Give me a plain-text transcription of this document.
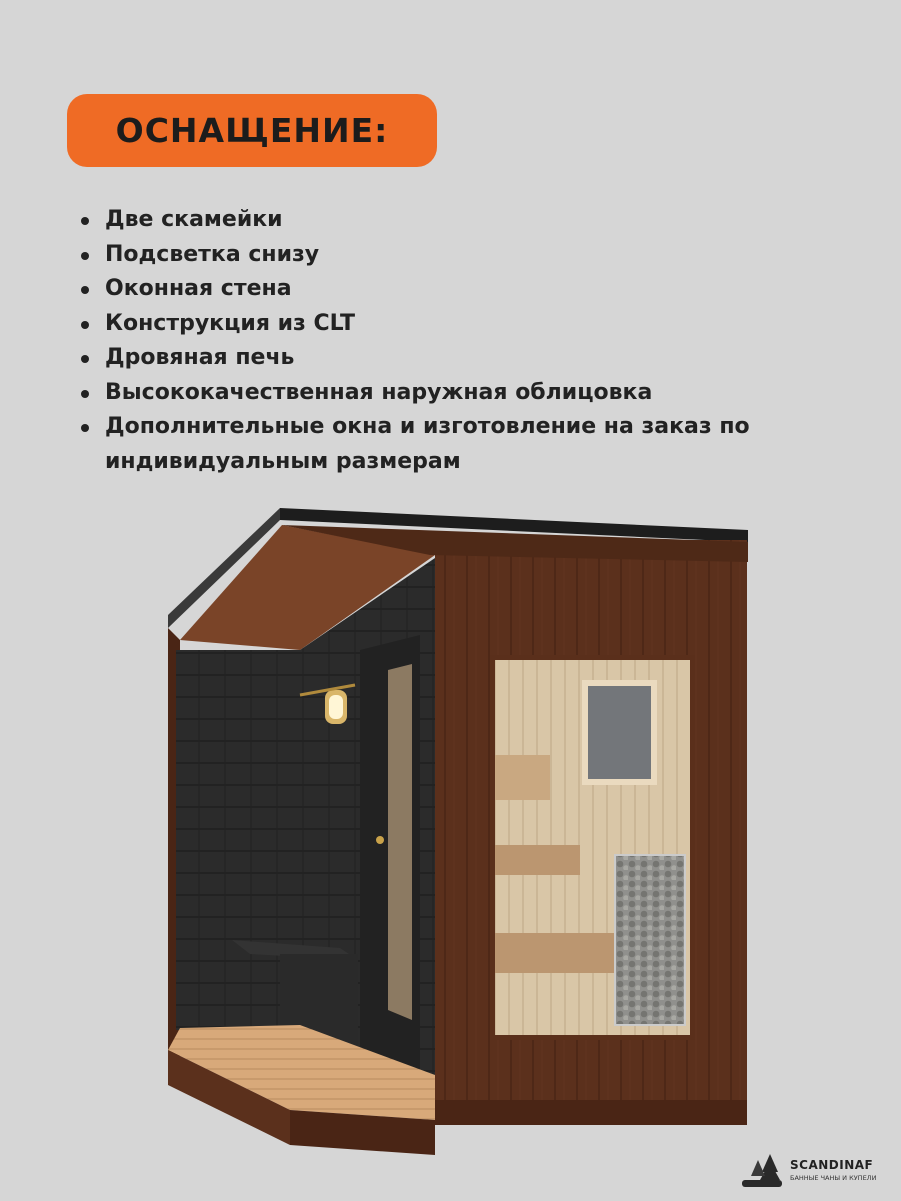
ОСНАЩЕНИЕ:
Две скамейки
Подсветка снизу
Оконная стена
Конструкция из CLT
Дровяная печь
Высококачественная наружная облицовка
Дополнительные окна и изготовление на заказ по индивидуальным размерам
SCANDINAF
БАННЫЕ ЧАНЫ И КУПЕЛИ
